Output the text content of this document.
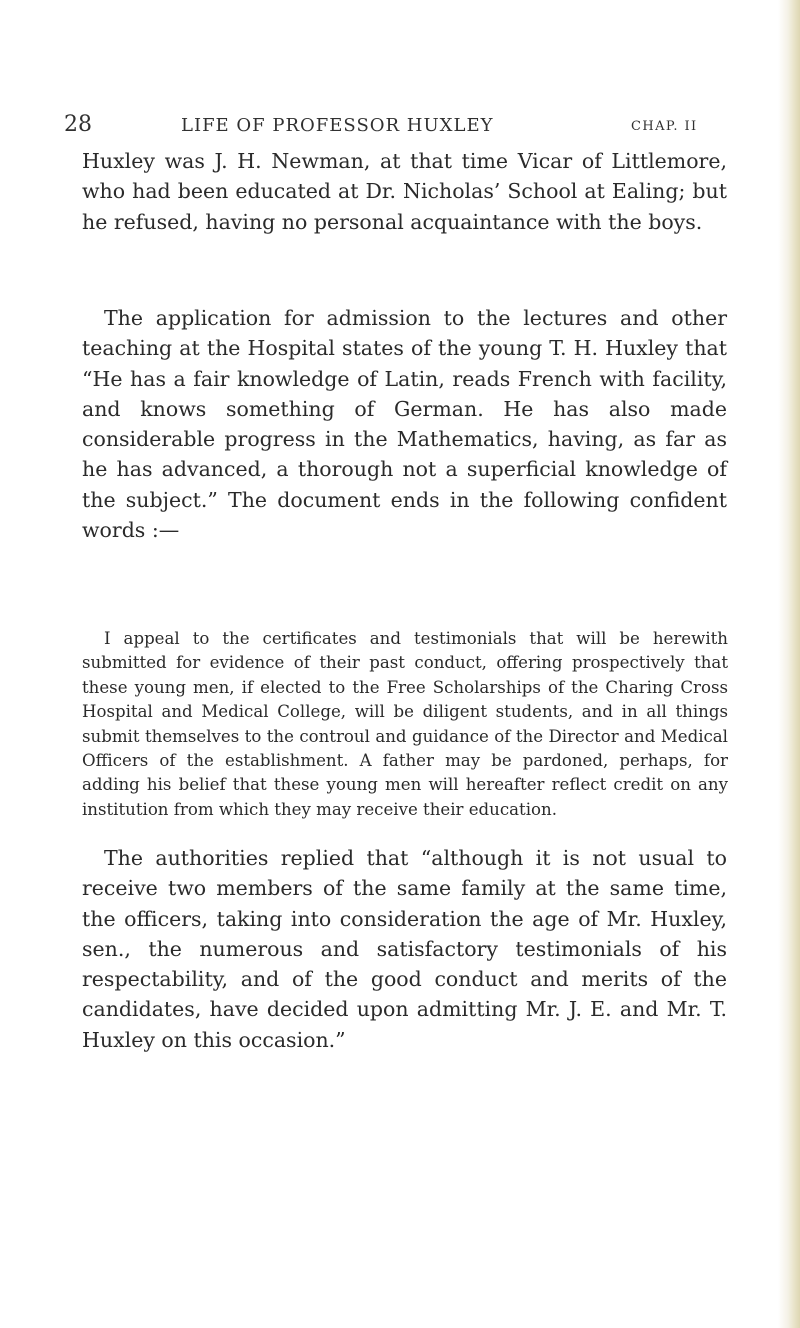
28	LIFE OF PROFESSOR HUXLEY	CHAP. II

Huxley was J. H. Newman, at that time Vicar of Littlemore, who had been educated at Dr. Nicholas’ School at Ealing; but he refused, having no personal acquaintance with the boys.

The application for admission to the lectures and other teaching at the Hospital states of the young T. H. Huxley that “He has a fair knowledge of Latin, reads French with facility, and knows something of German. He has also made considerable progress in the Mathematics, having, as far as he has advanced, a thorough not a superficial knowledge of the subject.” The document ends in the following confident words :—

I appeal to the certificates and testimonials that will be herewith submitted for evidence of their past conduct, offering prospectively that these young men, if elected to the Free Scholarships of the Charing Cross Hospital and Medical College, will be diligent students, and in all things submit themselves to the controul and guidance of the Director and Medical Officers of the establishment. A father may be pardoned, perhaps, for adding his belief that these young men will hereafter reflect credit on any institution from which they may receive their education.

The authorities replied that “although it is not usual to receive two members of the same family at the same time, the officers, taking into consideration the age of Mr. Huxley, sen., the numerous and satisfactory testimonials of his respectability, and of the good conduct and merits of the candidates, have decided upon admitting Mr. J. E. and Mr. T. Huxley on this occasion.”
